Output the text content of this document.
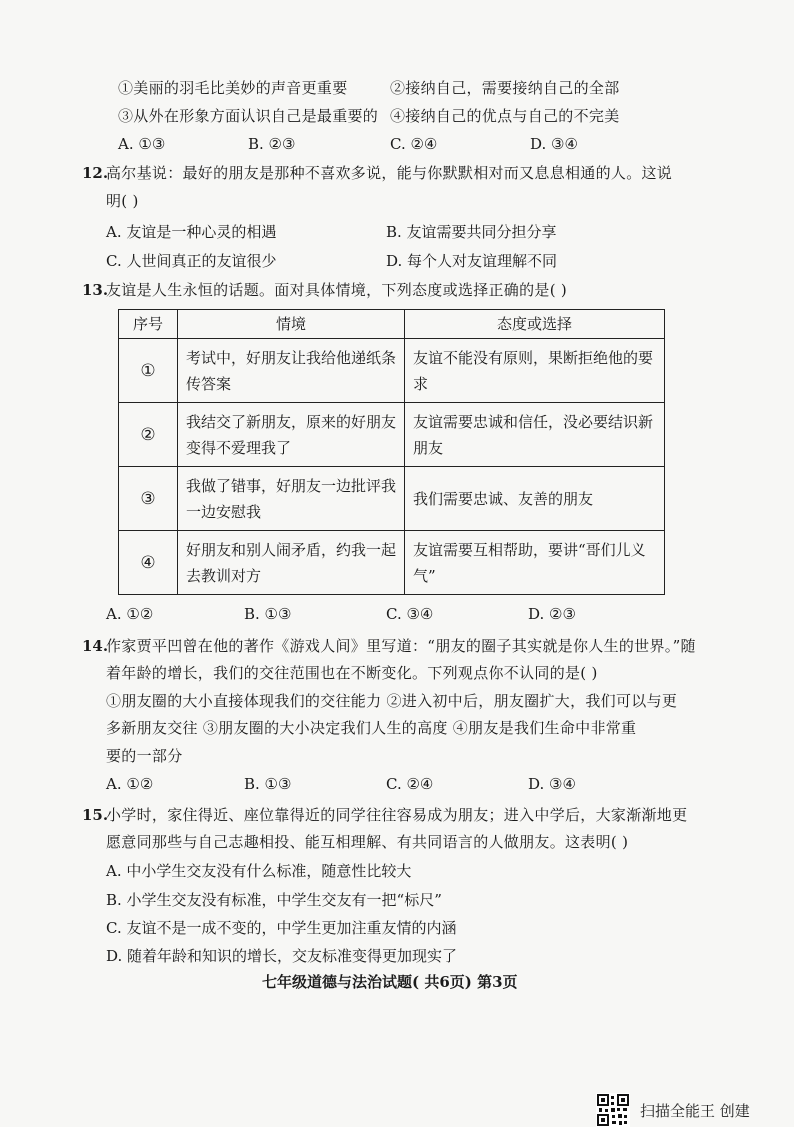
①美丽的羽毛比美妙的声音更重要	②接纳自己，需要接纳自己的全部
③从外在形象方面认识自己是最重要的 ④接纳自己的优点与自己的不完美
A. ①③	B. ②③	C. ②④	D. ③④
12.
高尔基说：最好的朋友是那种不喜欢多说，能与你默默相对而又息息相通的人。这说
明( )
A. 友谊是一种心灵的相遇	B. 友谊需要共同分担分享
C. 人世间真正的友谊很少	D. 每个人对友谊理解不同
13.
友谊是人生永恒的话题。面对具体情境，下列态度或选择正确的是( )
序号	情境	态度或选择
①	考试中，好朋友让我给他递纸条传答案	友谊不能没有原则，果断拒绝他的要求
②	我结交了新朋友，原来的好朋友变得不爱理我了	友谊需要忠诚和信任，没必要结识新朋友
③	我做了错事，好朋友一边批评我一边安慰我	我们需要忠诚、友善的朋友
④	好朋友和别人闹矛盾，约我一起去教训对方	友谊需要互相帮助，要讲“哥们儿义气”
A. ①②	B. ①③	C. ③④	D. ②③
14.
作家贾平凹曾在他的著作《游戏人间》里写道：“朋友的圈子其实就是你人生的世界。”随
着年龄的增长，我们的交往范围也在不断变化。下列观点你不认同的是( )
①朋友圈的大小直接体现我们的交往能力 ②进入初中后，朋友圈扩大，我们可以与更
多新朋友交往 ③朋友圈的大小决定我们人生的高度 ④朋友是我们生命中非常重
要的一部分
A. ①②	B. ①③	C. ②④	D. ③④
15.
小学时，家住得近、座位靠得近的同学往往容易成为朋友；进入中学后，大家渐渐地更
愿意同那些与自己志趣相投、能互相理解、有共同语言的人做朋友。这表明( )
A. 中小学生交友没有什么标准，随意性比较大
B. 小学生交友没有标准，中学生交友有一把“标尺”
C. 友谊不是一成不变的，中学生更加注重友情的内涵
D. 随着年龄和知识的增长，交友标准变得更加现实了
七年级道德与法治试题( 共6页) 第3页
扫描全能王 创建
